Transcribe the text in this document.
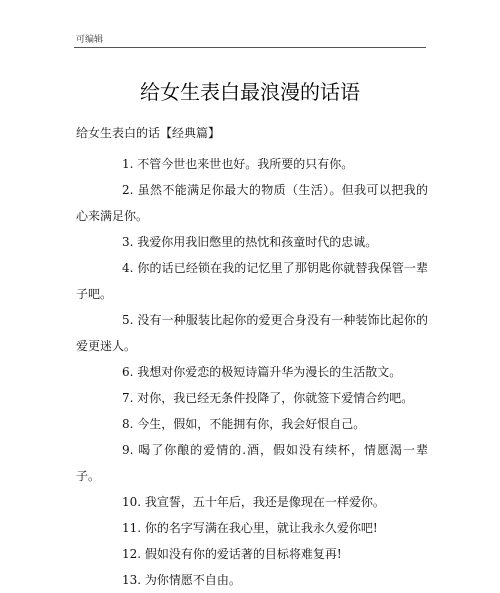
可编辑
给女生表白最浪漫的话语
给女生表白的话【经典篇】
1. 不管今世也来世也好。我所要的只有你。
2. 虽然不能满足你最大的物质（生活）。但我可以把我的心来满足你。
3. 我爱你用我旧憋里的热忱和孩童时代的忠诚。
4. 你的话已经锁在我的记忆里了那钥匙你就替我保管一辈子吧。
5. 没有一种服装比起你的爱更合身没有一种装饰比起你的爱更迷人。
6. 我想对你爱恋的极短诗篇升华为漫长的生活散文。
7. 对你，我已经无条件投降了，你就签下爱情合约吧。
8. 今生，假如，不能拥有你，我会好恨自己。
9. 喝了你酿的爱情的.酒，假如没有续杯，情愿渴一辈子。
10. 我宣誓，五十年后，我还是像现在一样爱你。
11. 你的名字写满在我心里，就让我永久爱你吧!
12. 假如没有你的爱话著的目标将难复再!
13. 为你情愿不自由。
